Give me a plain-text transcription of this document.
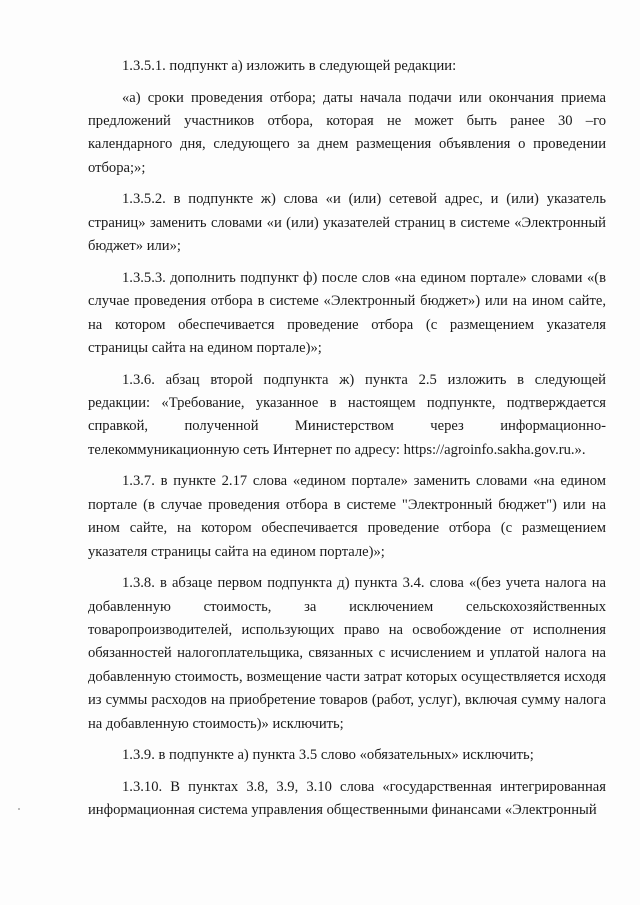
1.3.5.1. подпункт а) изложить в следующей редакции:

«а) сроки проведения отбора; даты начала подачи или окончания приема предложений участников отбора, которая не может быть ранее 30 –го календарного дня, следующего за днем размещения объявления о проведении отбора;»;

1.3.5.2. в подпункте ж) слова «и (или) сетевой адрес, и (или) указатель страниц» заменить словами «и (или) указателей страниц в системе «Электронный бюджет» или»;

1.3.5.3. дополнить подпункт ф) после слов «на едином портале» словами «(в случае проведения отбора в системе «Электронный бюджет») или на ином сайте, на котором обеспечивается проведение отбора (с размещением указателя страницы сайта на едином портале)»;

1.3.6. абзац второй подпункта ж) пункта 2.5 изложить в следующей редакции: «Требование, указанное в настоящем подпункте, подтверждается справкой, полученной Министерством через информационно-телекоммуникационную сеть Интернет по адресу: https://agroinfo.sakha.gov.ru.».

1.3.7. в пункте 2.17 слова «едином портале» заменить словами «на едином портале (в случае проведения отбора в системе "Электронный бюджет") или на ином сайте, на котором обеспечивается проведение отбора (с размещением указателя страницы сайта на едином портале)»;

1.3.8. в абзаце первом подпункта д) пункта 3.4. слова «(без учета налога на добавленную стоимость, за исключением сельскохозяйственных товаропроизводителей, использующих право на освобождение от исполнения обязанностей налогоплательщика, связанных с исчислением и уплатой налога на добавленную стоимость, возмещение части затрат которых осуществляется исходя из суммы расходов на приобретение товаров (работ, услуг), включая сумму налога на добавленную стоимость)» исключить;

1.3.9. в подпункте а) пункта 3.5 слово «обязательных» исключить;

1.3.10. В пунктах 3.8, 3.9, 3.10 слова «государственная интегрированная информационная система управления общественными финансами «Электронный
